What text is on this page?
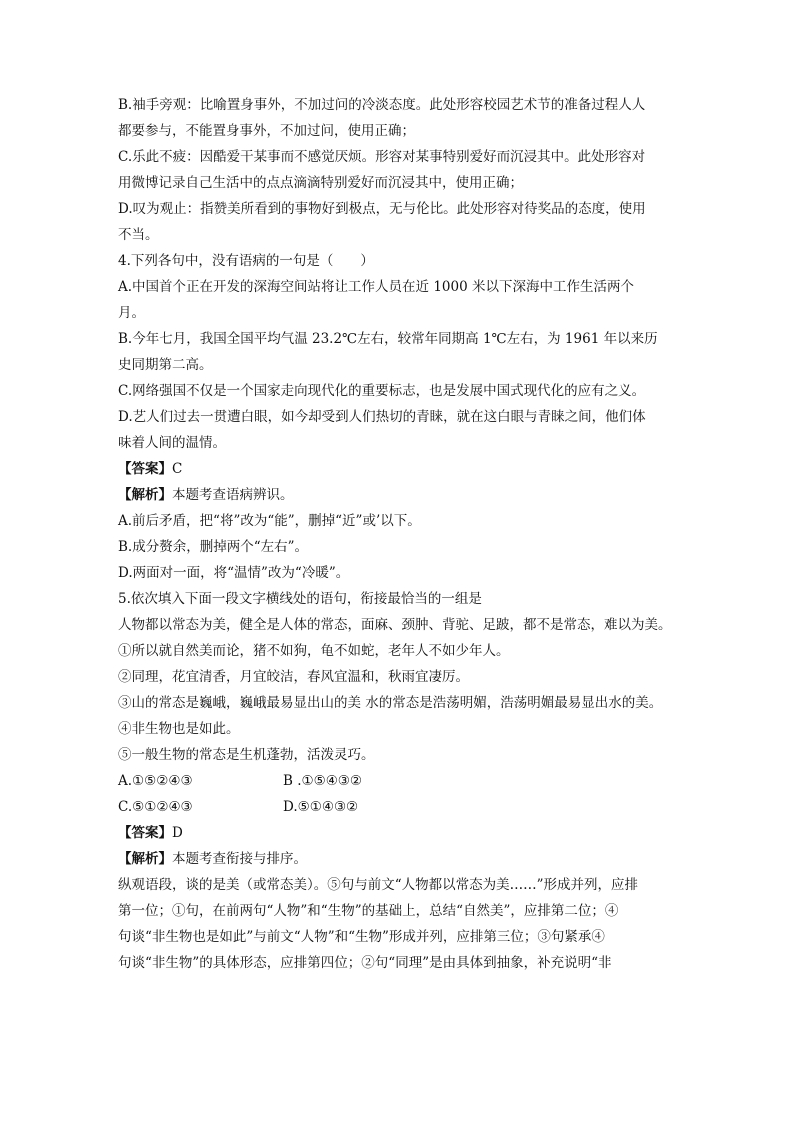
B.袖手旁观：比喻置身事外，不加过问的冷淡态度。此处形容校园艺术节的准备过程人人
都要参与，不能置身事外，不加过问，使用正确；
C.乐此不疲：因酷爱干某事而不感觉厌烦。形容对某事特别爱好而沉浸其中。此处形容对
用微博记录自己生活中的点点滴滴特别爱好而沉浸其中，使用正确；
D.叹为观止：指赞美所看到的事物好到极点，无与伦比。此处形容对待奖品的态度，使用
不当。
4.下列各句中，没有语病的一句是（　　）
A.中国首个正在开发的深海空间站将让工作人员在近 1000 米以下深海中工作生活两个
月。
B.今年七月，我国全国平均气温 23.2℃左右，较常年同期高 1℃左右，为 1961 年以来历
史同期第二高。
C.网络强国不仅是一个国家走向现代化的重要标志，也是发展中国式现代化的应有之义。
D.艺人们过去一贯遭白眼，如今却受到人们热切的青睐，就在这白眼与青睐之间，他们体
味着人间的温情。
【答案】C
【解析】本题考查语病辨识。
A.前后矛盾，把“将”改为“能”，删掉“近”或’以下。
B.成分赘余，删掉两个“左右”。
D.两面对一面，将“温情”改为“冷暖”。
5.依次填入下面一段文字横线处的语句，衔接最恰当的一组是
人物都以常态为美，健全是人体的常态，面麻、颈肿、背驼、足跛，都不是常态，难以为美。
①所以就自然美而论，猪不如狗，龟不如蛇，老年人不如少年人。
②同理，花宜清香，月宜皎洁，春风宜温和，秋雨宜凄厉。
③山的常态是巍峨，巍峨最易显出山的美 水的常态是浩荡明媚，浩荡明媚最易显出水的美。
④非生物也是如此。
⑤一般生物的常态是生机蓬勃，活泼灵巧。
A.①⑤②④③	B .①⑤④③②
C.⑤①②④③	D.⑤①④③②
【答案】D
【解析】本题考查衔接与排序。
纵观语段，谈的是美（或常态美）。⑤句与前文“人物都以常态为美……”形成并列，应排
第一位；①句，在前两句“人物”和“生物”的基础上，总结“自然美”，应排第二位；④
句谈“非生物也是如此”与前文“人物”和“生物”形成并列，应排第三位；③句紧承④
句谈“非生物”的具体形态，应排第四位；②句“同理”是由具体到抽象，补充说明“非
